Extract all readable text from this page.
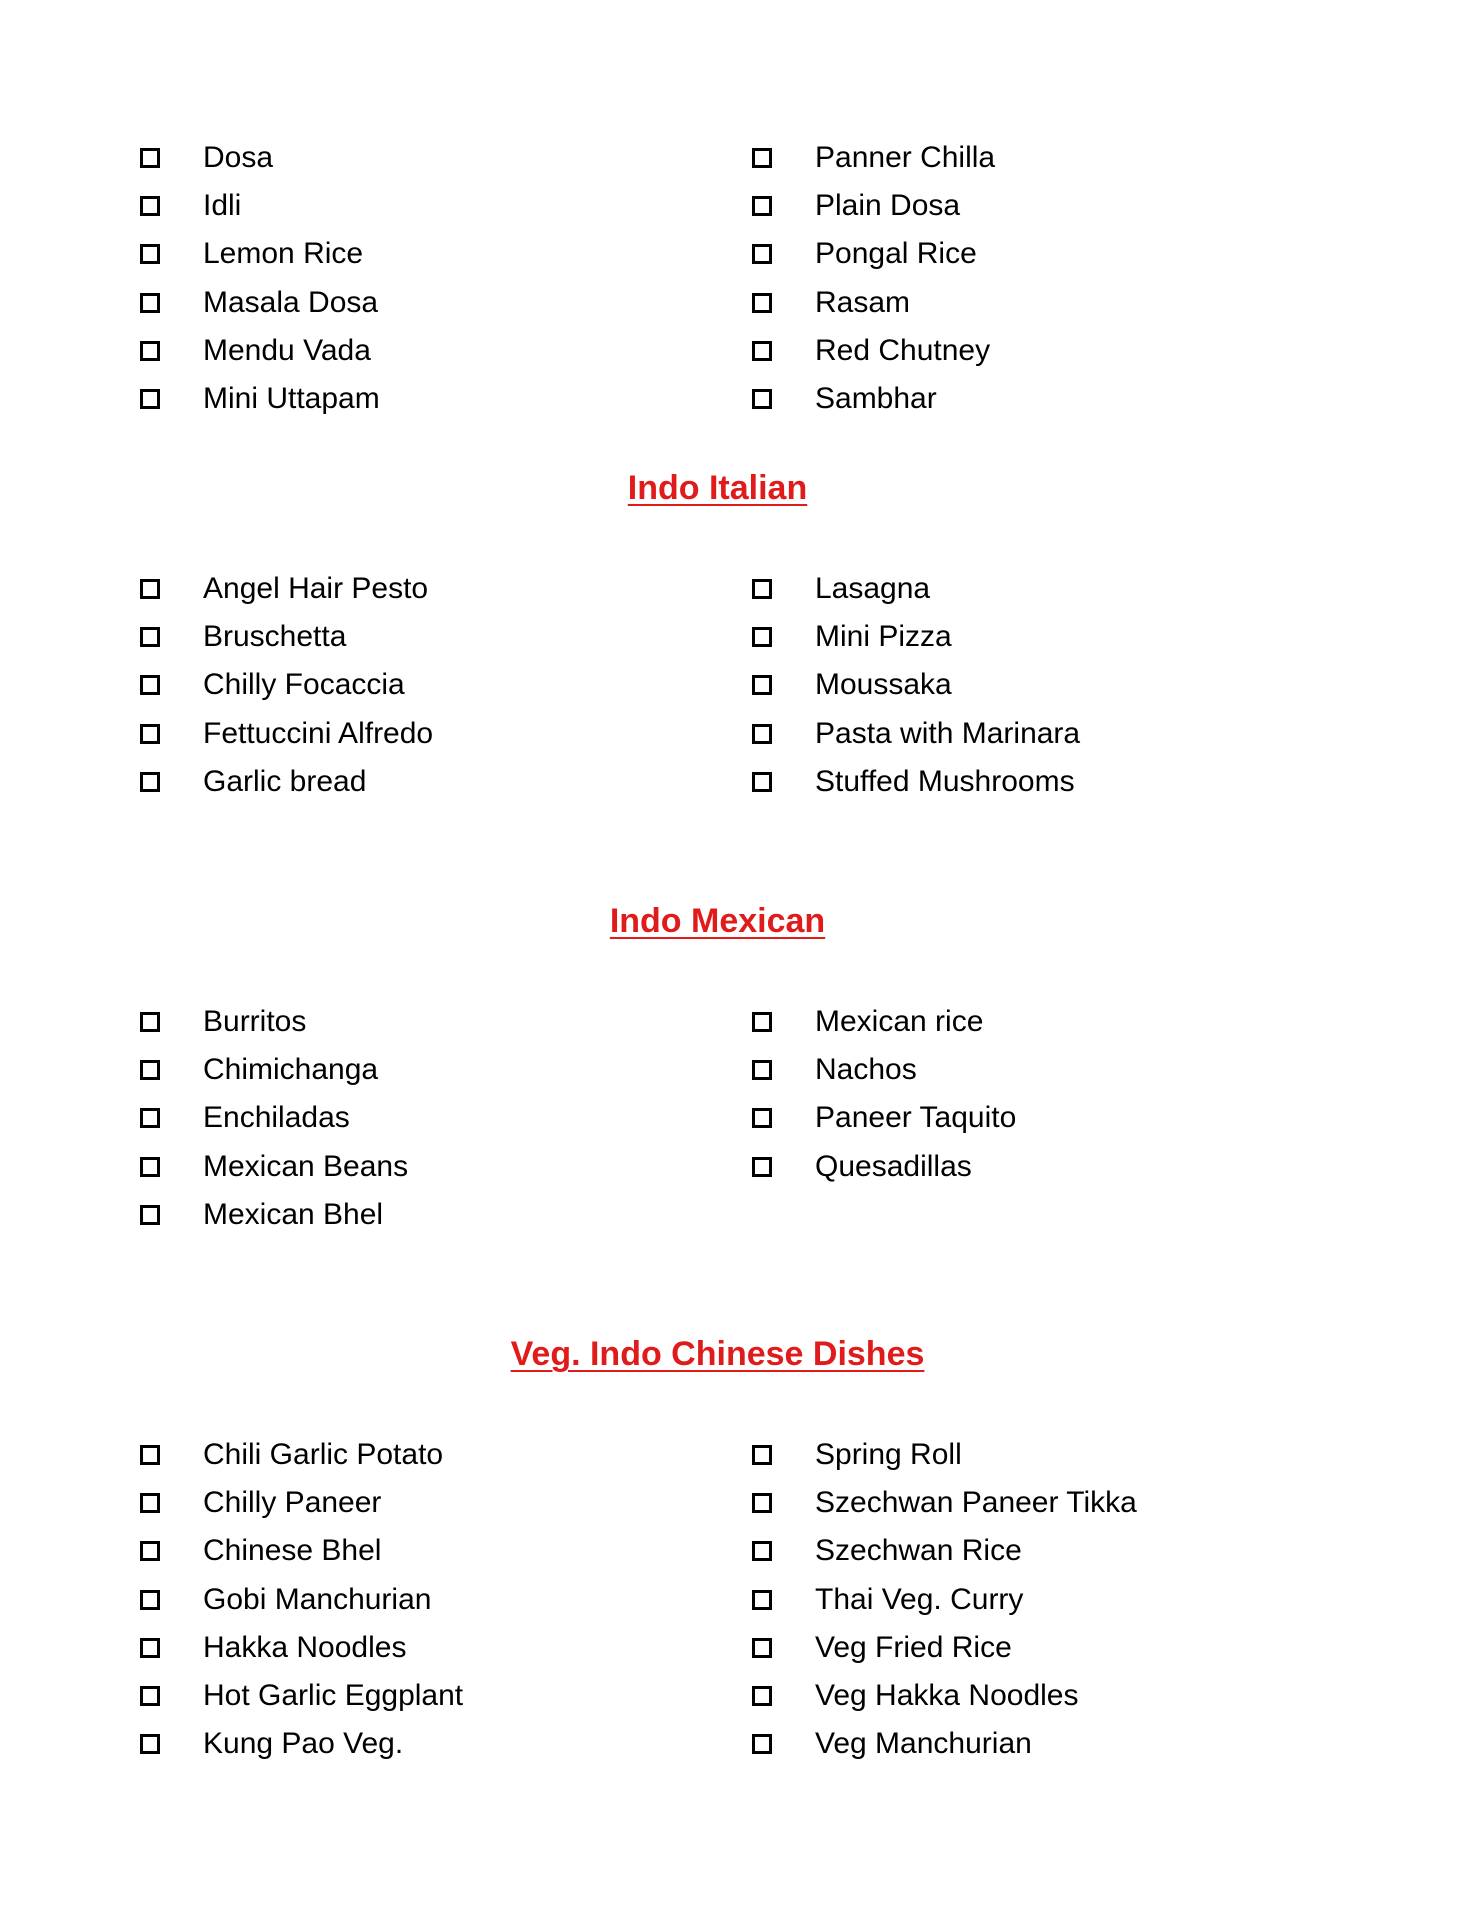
Dosa
Idli
Lemon Rice
Masala Dosa
Mendu Vada
Mini Uttapam
Panner Chilla
Plain Dosa
Pongal Rice
Rasam
Red Chutney
Sambhar
Indo Italian
Angel Hair Pesto
Bruschetta
Chilly Focaccia
Fettuccini Alfredo
Garlic bread
Lasagna
Mini Pizza
Moussaka
Pasta with Marinara
Stuffed Mushrooms
Indo Mexican
Burritos
Chimichanga
Enchiladas
Mexican Beans
Mexican Bhel
Mexican rice
Nachos
Paneer Taquito
Quesadillas
Veg. Indo Chinese Dishes
Chili Garlic Potato
Chilly Paneer
Chinese Bhel
Gobi Manchurian
Hakka Noodles
Hot Garlic Eggplant
Kung Pao Veg.
Spring Roll
Szechwan Paneer Tikka
Szechwan Rice
Thai Veg. Curry
Veg Fried Rice
Veg Hakka Noodles
Veg Manchurian
